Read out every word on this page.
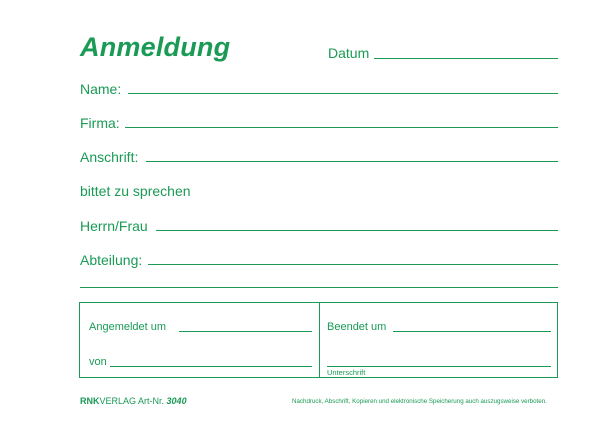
Anmeldung	Datum
Name:
Firma:
Anschrift:
bittet zu sprechen
Herrn/Frau
Abteilung:
Angemeldet um
von
Beendet um
Unterschrift
RNKVERLAG Art-Nr. 3040	Nachdruck, Abschrift, Kopieren und elektronische Speicherung auch auszugsweise verboten.
